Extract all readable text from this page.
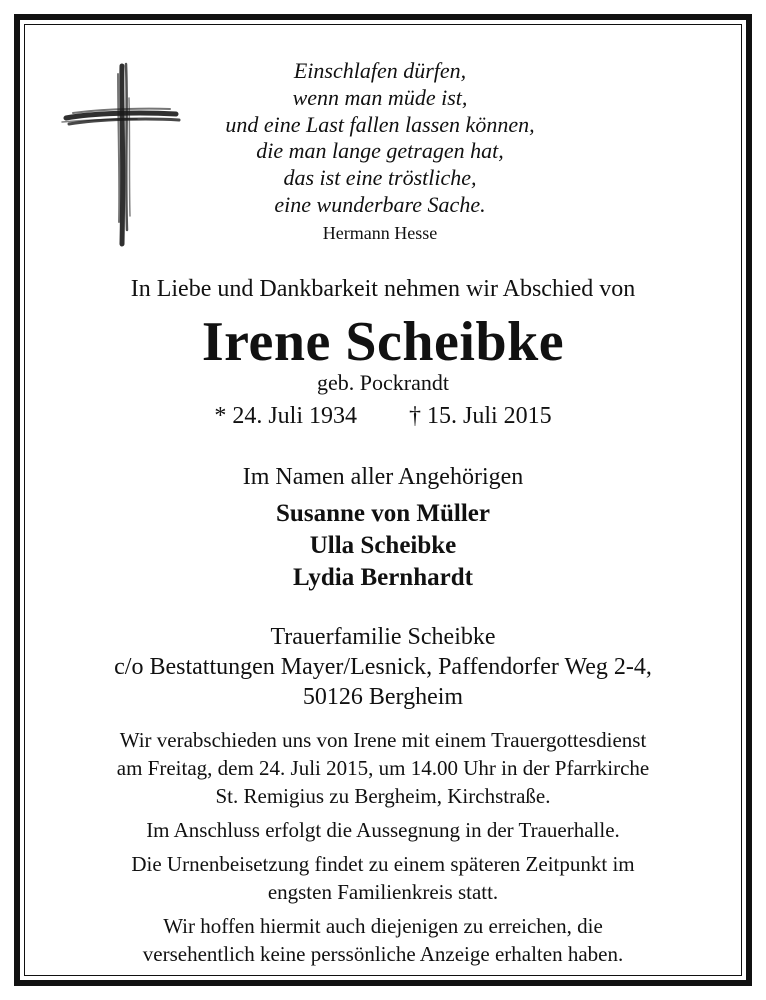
Einschlafen dürfen,
wenn man müde ist,
und eine Last fallen lassen können,
die man lange getragen hat,
das ist eine tröstliche,
eine wunderbare Sache.
Hermann Hesse
In Liebe und Dankbarkeit nehmen wir Abschied von
Irene Scheibke
geb. Pockrandt
* 24. Juli 1934 † 15. Juli 2015
Im Namen aller Angehörigen
Susanne von Müller
Ulla Scheibke
Lydia Bernhardt
Trauerfamilie Scheibke
c/o Bestattungen Mayer/Lesnick, Paffendorfer Weg 2-4,
50126 Bergheim
Wir verabschieden uns von Irene mit einem Trauergottesdienst
am Freitag, dem 24. Juli 2015, um 14.00 Uhr in der Pfarrkirche
St. Remigius zu Bergheim, Kirchstraße.
Im Anschluss erfolgt die Aussegnung in der Trauerhalle.
Die Urnenbeisetzung findet zu einem späteren Zeitpunkt im
engsten Familienkreis statt.
Wir hoffen hiermit auch diejenigen zu erreichen, die
versehentlich keine perssönliche Anzeige erhalten haben.
